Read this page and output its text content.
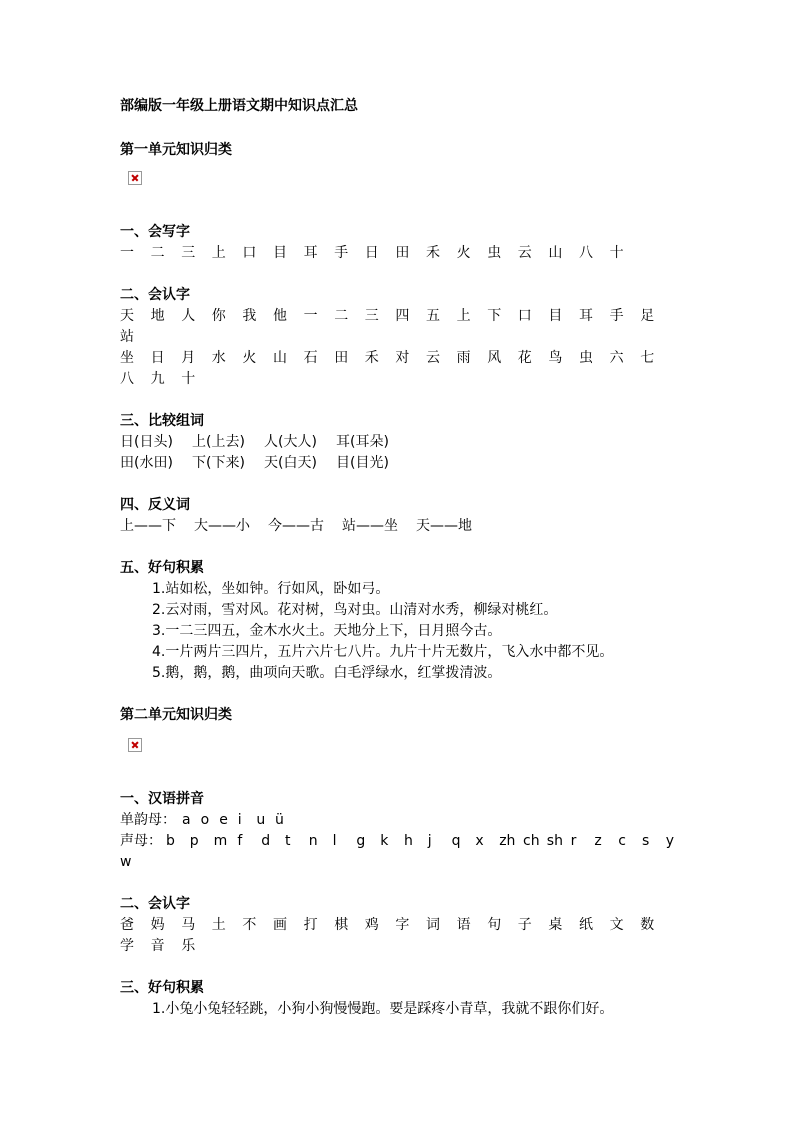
部编版一年级上册语文期中知识点汇总
第一单元知识归类
一、会写字
一 二 三 上 口 目 耳 手 日 田 禾 火 虫 云 山 八 十
二、会认字
天 地 人 你 我 他 一 二 三 四 五 上 下 口 目 耳 手 足
站
坐 日 月 水 火 山 石 田 禾 对 云 雨 风 花 鸟 虫 六 七
八 九 十
三、比较组词
日(日头) 上(上去) 人(大人) 耳(耳朵)
田(水田) 下(下来) 天(白天) 目(目光)
四、反义词
上——下 大——小 今——古 站——坐 天——地
五、好句积累
1.站如松，坐如钟。行如风，卧如弓。
2.云对雨，雪对风。花对树，鸟对虫。山清对水秀，柳绿对桃红。
3.一二三四五，金木水火土。天地分上下，日月照今古。
4.一片两片三四片，五片六片七八片。九片十片无数片，飞入水中都不见。
5.鹅，鹅，鹅，曲项向天歌。白毛浮绿水，红掌拨清波。
第二单元知识归类
一、汉语拼音
单韵母： a o e i u ü
声母： b p m f d t n l g k h j q x zh ch sh r z c s y
w
二、会认字
爸 妈 马 土 不 画 打 棋 鸡 字 词 语 句 子 桌 纸 文 数
学 音 乐
三、好句积累
1.小兔小兔轻轻跳，小狗小狗慢慢跑。要是踩疼小青草，我就不跟你们好。
